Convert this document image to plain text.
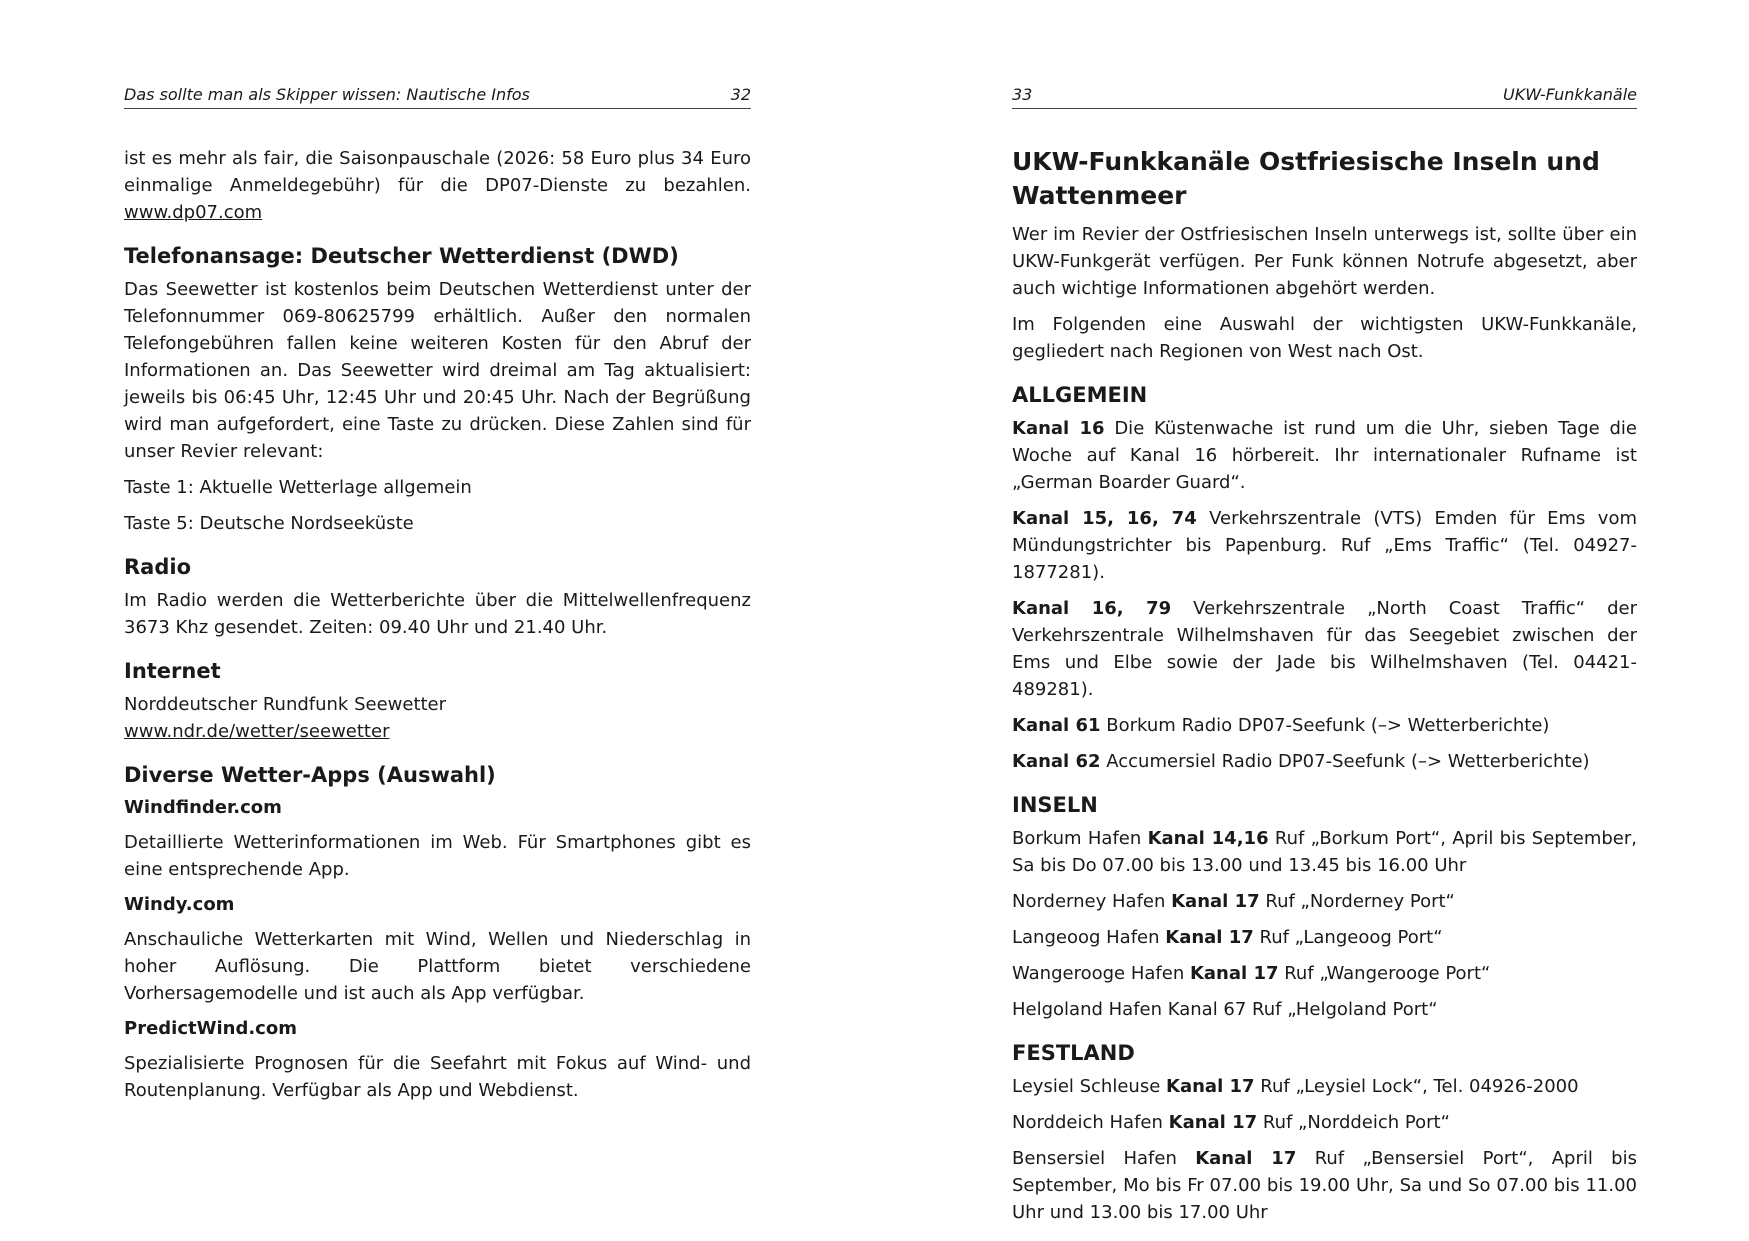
Das sollte man als Skipper wissen: Nautische Infos	32

ist es mehr als fair, die Saisonpauschale (2026: 58 Euro plus 34 Euro einmalige Anmeldegebühr) für die DP07-Dienste zu bezahlen. www.dp07.com

Telefonansage: Deutscher Wetterdienst (DWD)

Das Seewetter ist kostenlos beim Deutschen Wetterdienst unter der Telefonnummer 069-80625799 erhältlich. Außer den normalen Telefongebühren fallen keine weiteren Kosten für den Abruf der Informationen an. Das Seewetter wird dreimal am Tag aktualisiert: jeweils bis 06:45 Uhr, 12:45 Uhr und 20:45 Uhr. Nach der Begrüßung wird man aufgefordert, eine Taste zu drücken. Diese Zahlen sind für unser Revier relevant:

Taste 1: Aktuelle Wetterlage allgemein

Taste 5: Deutsche Nordseeküste

Radio

Im Radio werden die Wetterberichte über die Mittelwellenfrequenz 3673 Khz gesendet. Zeiten: 09.40 Uhr und 21.40 Uhr.

Internet

Norddeutscher Rundfunk Seewetter
www.ndr.de/wetter/seewetter

Diverse Wetter-Apps (Auswahl)
Windfinder.com

Detaillierte Wetterinformationen im Web. Für Smartphones gibt es eine entsprechende App.

Windy.com

Anschauliche Wetterkarten mit Wind, Wellen und Niederschlag in hoher Auflösung. Die Plattform bietet verschiedene Vorhersagemodelle und ist auch als App verfügbar.

PredictWind.com

Spezialisierte Prognosen für die Seefahrt mit Fokus auf Wind- und Routenplanung. Verfügbar als App und Webdienst.

33	UKW-Funkkanäle
UKW-Funkkanäle Ostfriesische Inseln und Wattenmeer

Wer im Revier der Ostfriesischen Inseln unterwegs ist, sollte über ein UKW-Funkgerät verfügen. Per Funk können Notrufe abgesetzt, aber auch wichtige Informationen abgehört werden.

Im Folgenden eine Auswahl der wichtigsten UKW-Funkkanäle, gegliedert nach Regionen von West nach Ost.

ALLGEMEIN

Kanal 16 Die Küstenwache ist rund um die Uhr, sieben Tage die Woche auf Kanal 16 hörbereit. Ihr internationaler Rufname ist „German Boarder Guard“.

Kanal 15, 16, 74 Verkehrszentrale (VTS) Emden für Ems vom Mündungstrichter bis Papenburg. Ruf „Ems Traffic“ (Tel. 04927-1877281).

Kanal 16, 79 Verkehrszentrale „North Coast Traffic“ der Verkehrszentrale Wilhelmshaven für das Seegebiet zwischen der Ems und Elbe sowie der Jade bis Wilhelmshaven (Tel. 04421-489281).

Kanal 61 Borkum Radio DP07-Seefunk (–> Wetterberichte)

Kanal 62 Accumersiel Radio DP07-Seefunk (–> Wetterberichte)

INSELN

Borkum Hafen Kanal 14,16 Ruf „Borkum Port“, April bis September, Sa bis Do 07.00 bis 13.00 und 13.45 bis 16.00 Uhr

Norderney Hafen Kanal 17 Ruf „Norderney Port“

Langeoog Hafen Kanal 17 Ruf „Langeoog Port“

Wangerooge Hafen Kanal 17 Ruf „Wangerooge Port“

Helgoland Hafen Kanal 67 Ruf „Helgoland Port“

FESTLAND

Leysiel Schleuse Kanal 17 Ruf „Leysiel Lock“, Tel. 04926-2000

Norddeich Hafen Kanal 17 Ruf „Norddeich Port“

Bensersiel Hafen Kanal 17 Ruf „Bensersiel Port“, April bis September, Mo bis Fr 07.00 bis 19.00 Uhr, Sa und So 07.00 bis 11.00 Uhr und 13.00 bis 17.00 Uhr
